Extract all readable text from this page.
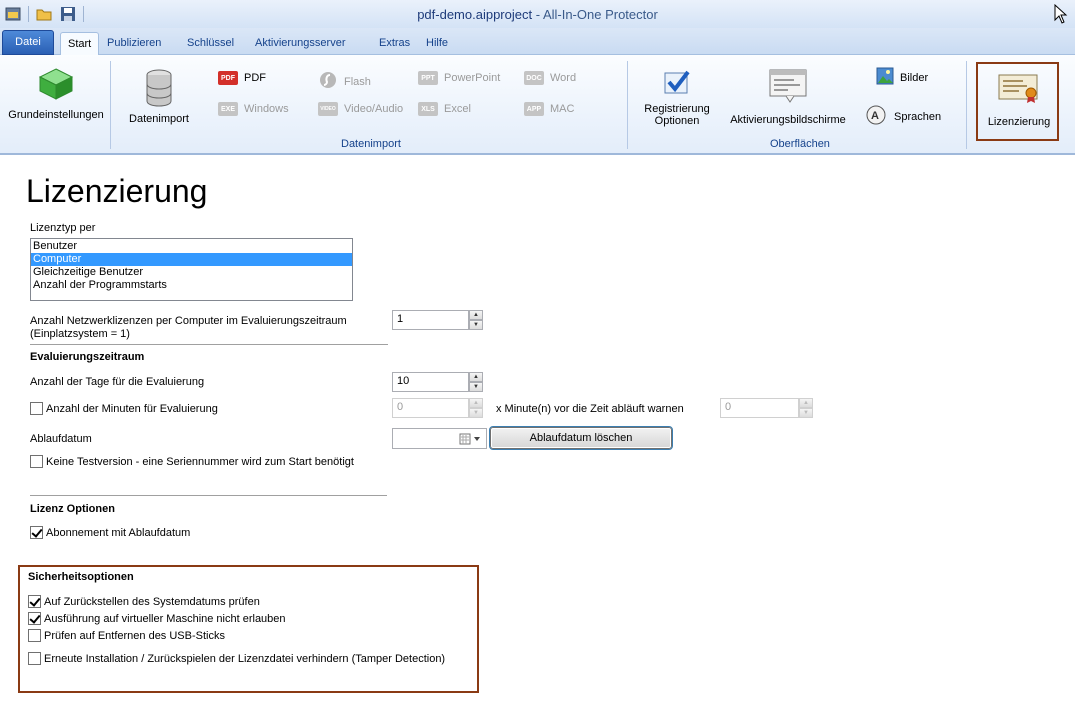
pdf-demo.aipproject - All-In-One Protector
Datei	Start	Publizieren	Schlüssel	Aktivierungsserver	Extras	Hilfe
Grundeinstellungen	Datenimport
PDF PDF
EXE Windows
Flash
VIDEO Video/Audio
PPT PowerPoint
XLS Excel
DOC Word
APP MAC
Datenimport
Registrierung
Optionen	Aktivierungsbildschirme
Bilder
A Sprachen
Oberflächen
Lizenzierung
Lizenzierung
Lizenztyp per
Benutzer
Computer
Gleichzeitige Benutzer
Anzahl der Programmstarts
Anzahl Netzwerklizenzen per Computer im Evaluierungszeitraum
(Einplatzsystem = 1)
1	▲
▼
Evaluierungszeitraum
Anzahl der Tage für die Evaluierung	10	▲
▼
Anzahl der Minuten für Evaluierung	0	▲
▼	x Minute(n) vor die Zeit abläuft warnen	0	▲
▼
Ablaufdatum	Ablaufdatum löschen
Keine Testversion - eine Seriennummer wird zum Start benötigt
Lizenz Optionen
Abonnement mit Ablaufdatum
Sicherheitsoptionen
Auf Zurückstellen des Systemdatums prüfen
Ausführung auf virtueller Maschine nicht erlauben
Prüfen auf Entfernen des USB-Sticks
Erneute Installation / Zurückspielen der Lizenzdatei verhindern (Tamper Detection)
